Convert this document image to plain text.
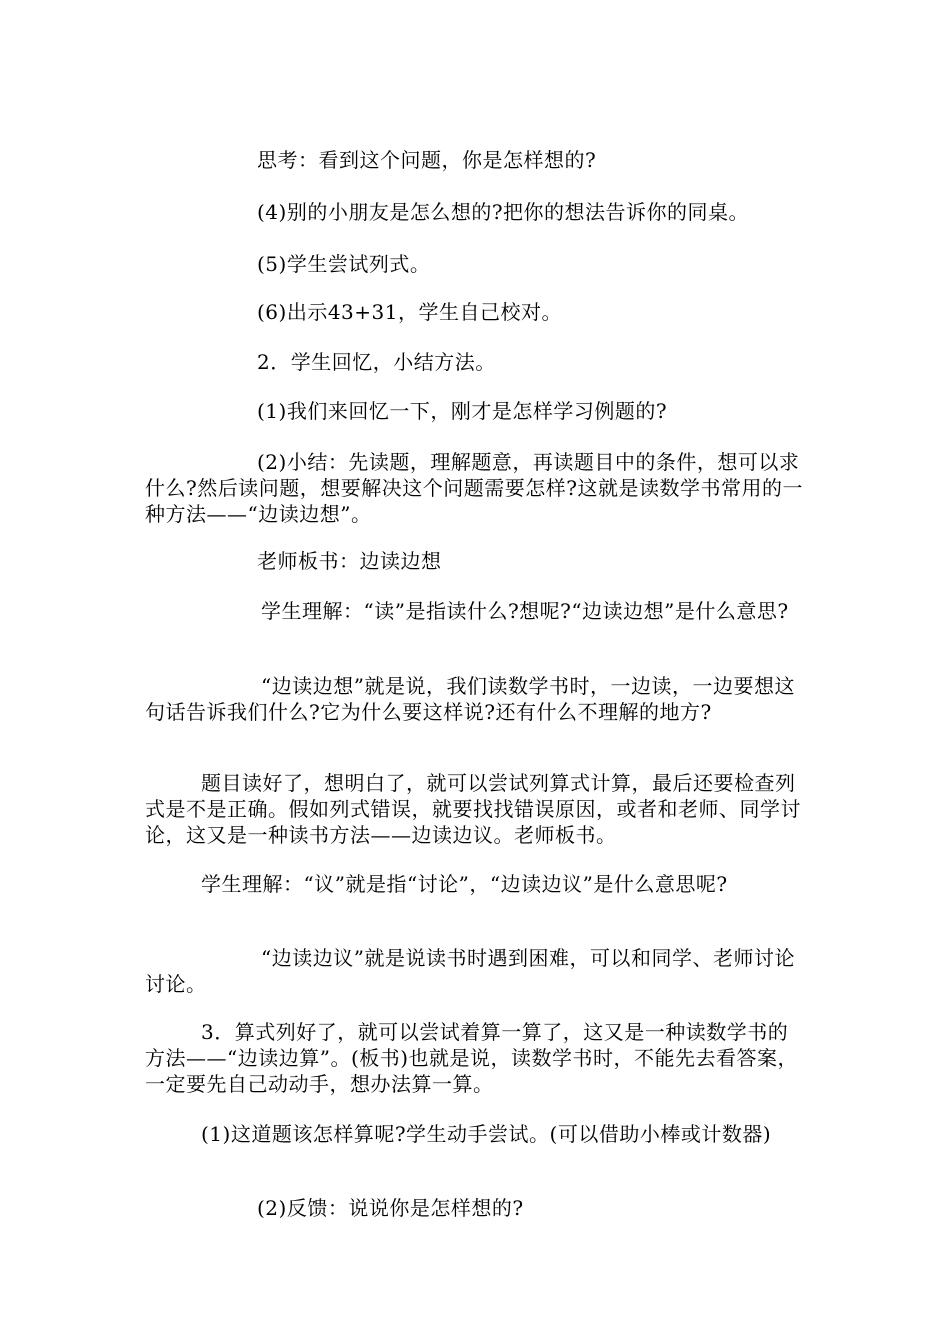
思考：看到这个问题，你是怎样想的?

(4)别的小朋友是怎么想的?把你的想法告诉你的同桌。

(5)学生尝试列式。

(6)出示43+31，学生自己校对。

2．学生回忆，小结方法。

(1)我们来回忆一下，刚才是怎样学习例题的?

(2)小结：先读题，理解题意，再读题目中的条件，想可以求什么?然后读问题，想要解决这个问题需要怎样?这就是读数学书常用的一种方法——“边读边想”。

老师板书：边读边想

学生理解：“读”是指读什么?想呢?“边读边想”是什么意思?

“边读边想”就是说，我们读数学书时，一边读，一边要想这句话告诉我们什么?它为什么要这样说?还有什么不理解的地方?

题目读好了，想明白了，就可以尝试列算式计算，最后还要检查列式是不是正确。假如列式错误，就要找找错误原因，或者和老师、同学讨论，这又是一种读书方法——边读边议。老师板书。

学生理解：“议”就是指“讨论”，“边读边议”是什么意思呢?

“边读边议”就是说读书时遇到困难，可以和同学、老师讨论讨论。

3．算式列好了，就可以尝试着算一算了，这又是一种读数学书的方法——“边读边算”。(板书)也就是说，读数学书时，不能先去看答案，一定要先自己动动手，想办法算一算。

(1)这道题该怎样算呢?学生动手尝试。(可以借助小棒或计数器)

(2)反馈：说说你是怎样想的?
